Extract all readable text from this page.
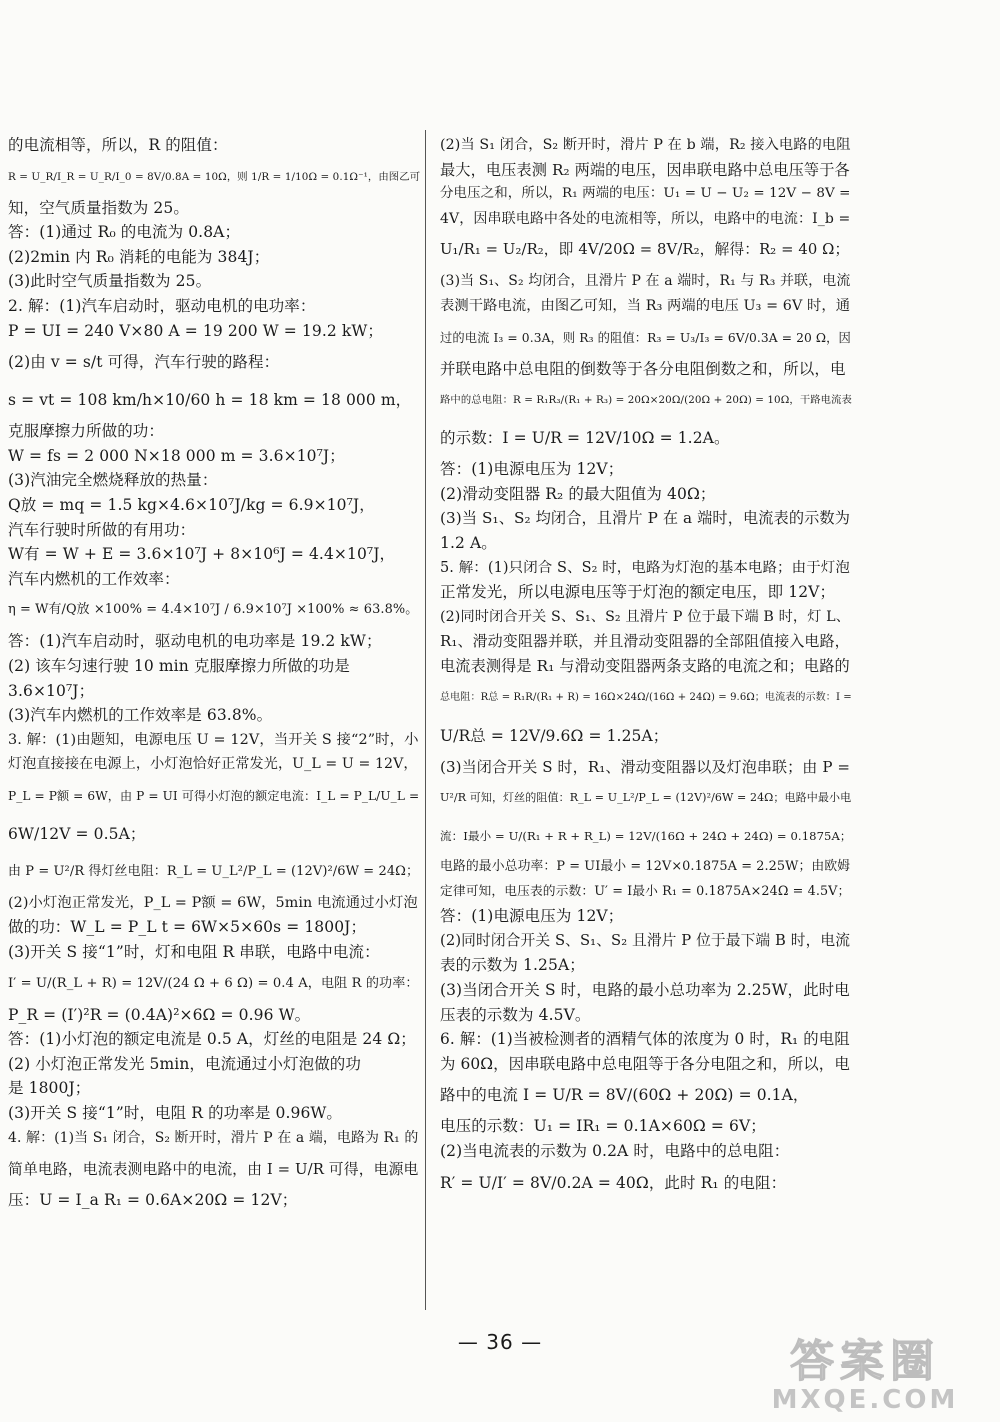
的电流相等，所以，R 的阻值：
R = U_R/I_R = U_R/I_0 = 8V/0.8A = 10Ω，则 1/R = 1/10Ω = 0.1Ω⁻¹，由图乙可
知，空气质量指数为 25。
答：(1)通过 R₀ 的电流为 0.8A；
(2)2min 内 R₀ 消耗的电能为 384J；
(3)此时空气质量指数为 25。
2. 解：(1)汽车启动时，驱动电机的电功率：
P = UI = 240 V×80 A = 19 200 W = 19.2 kW；
(2)由 v = s/t 可得，汽车行驶的路程：
s = vt = 108 km/h×10/60 h = 18 km = 18 000 m，
克服摩擦力所做的功：
W = fs = 2 000 N×18 000 m = 3.6×10⁷J；
(3)汽油完全燃烧释放的热量：
Q放 = mq = 1.5 kg×4.6×10⁷J/kg = 6.9×10⁷J，
汽车行驶时所做的有用功：
W有 = W + E = 3.6×10⁷J + 8×10⁶J = 4.4×10⁷J，
汽车内燃机的工作效率：
η = W有/Q放 ×100% = 4.4×10⁷J / 6.9×10⁷J ×100% ≈ 63.8%。
答：(1)汽车启动时，驱动电机的电功率是 19.2 kW；
(2) 该车匀速行驶 10 min 克服摩擦力所做的功是
3.6×10⁷J；
(3)汽车内燃机的工作效率是 63.8%。
3. 解：(1)由题知，电源电压 U = 12V，当开关 S 接“2”时，小
灯泡直接接在电源上，小灯泡恰好正常发光，U_L = U = 12V，
P_L = P额 = 6W，由 P = UI 可得小灯泡的额定电流：I_L = P_L/U_L =
6W/12V = 0.5A；
由 P = U²/R 得灯丝电阻：R_L = U_L²/P_L = (12V)²/6W = 24Ω；
(2)小灯泡正常发光，P_L = P额 = 6W，5min 电流通过小灯泡
做的功：W_L = P_L t = 6W×5×60s = 1800J；
(3)开关 S 接“1”时，灯和电阻 R 串联，电路中电流：
I′ = U/(R_L + R) = 12V/(24 Ω + 6 Ω) = 0.4 A，电阻 R 的功率：
P_R = (I′)²R = (0.4A)²×6Ω = 0.96 W。
答：(1)小灯泡的额定电流是 0.5 A，灯丝的电阻是 24 Ω；
(2) 小灯泡正常发光 5min，电流通过小灯泡做的功
是 1800J；
(3)开关 S 接“1”时，电阻 R 的功率是 0.96W。
4. 解：(1)当 S₁ 闭合，S₂ 断开时，滑片 P 在 a 端，电路为 R₁ 的
简单电路，电流表测电路中的电流，由 I = U/R 可得，电源电
压：U = I_a R₁ = 0.6A×20Ω = 12V；
(2)当 S₁ 闭合，S₂ 断开时，滑片 P 在 b 端，R₂ 接入电路的电阻
最大，电压表测 R₂ 两端的电压，因串联电路中总电压等于各
分电压之和，所以，R₁ 两端的电压：U₁ = U − U₂ = 12V − 8V =
4V，因串联电路中各处的电流相等，所以，电路中的电流：I_b =
U₁/R₁ = U₂/R₂，即 4V/20Ω = 8V/R₂，解得：R₂ = 40 Ω；
(3)当 S₁、S₂ 均闭合，且滑片 P 在 a 端时，R₁ 与 R₃ 并联，电流
表测干路电流，由图乙可知，当 R₃ 两端的电压 U₃ = 6V 时，通
过的电流 I₃ = 0.3A，则 R₃ 的阻值：R₃ = U₃/I₃ = 6V/0.3A = 20 Ω，因
并联电路中总电阻的倒数等于各分电阻倒数之和，所以，电
路中的总电阻：R = R₁R₃/(R₁ + R₃) = 20Ω×20Ω/(20Ω + 20Ω) = 10Ω，干路电流表
的示数：I = U/R = 12V/10Ω = 1.2A。
答：(1)电源电压为 12V；
(2)滑动变阻器 R₂ 的最大阻值为 40Ω；
(3)当 S₁、S₂ 均闭合，且滑片 P 在 a 端时，电流表的示数为
1.2 A。
5. 解：(1)只闭合 S、S₂ 时，电路为灯泡的基本电路；由于灯泡
正常发光，所以电源电压等于灯泡的额定电压，即 12V；
(2)同时闭合开关 S、S₁、S₂ 且滑片 P 位于最下端 B 时，灯 L、
R₁、滑动变阻器并联，并且滑动变阻器的全部阻值接入电路，
电流表测得是 R₁ 与滑动变阻器两条支路的电流之和；电路的
总电阻：R总 = R₁R/(R₁ + R) = 16Ω×24Ω/(16Ω + 24Ω) = 9.6Ω；电流表的示数：I =
U/R总 = 12V/9.6Ω = 1.25A；
(3)当闭合开关 S 时，R₁、滑动变阻器以及灯泡串联；由 P =
U²/R 可知，灯丝的阻值：R_L = U_L²/P_L = (12V)²/6W = 24Ω；电路中最小电
流：I最小 = U/(R₁ + R + R_L) = 12V/(16Ω + 24Ω + 24Ω) = 0.1875A；
电路的最小总功率：P = UI最小 = 12V×0.1875A = 2.25W；由欧姆
定律可知，电压表的示数：U′ = I最小 R₁ = 0.1875A×24Ω = 4.5V；
答：(1)电源电压为 12V；
(2)同时闭合开关 S、S₁、S₂ 且滑片 P 位于最下端 B 时，电流
表的示数为 1.25A；
(3)当闭合开关 S 时，电路的最小总功率为 2.25W，此时电
压表的示数为 4.5V。
6. 解：(1)当被检测者的酒精气体的浓度为 0 时，R₁ 的电阻
为 60Ω，因串联电路中总电阻等于各分电阻之和，所以，电
路中的电流 I = U/R = 8V/(60Ω + 20Ω) = 0.1A，
电压的示数：U₁ = IR₁ = 0.1A×60Ω = 6V；
(2)当电流表的示数为 0.2A 时，电路中的总电阻：
R′ = U/I′ = 8V/0.2A = 40Ω，此时 R₁ 的电阻：
— 36 —	答案圈
MXQE.COM
